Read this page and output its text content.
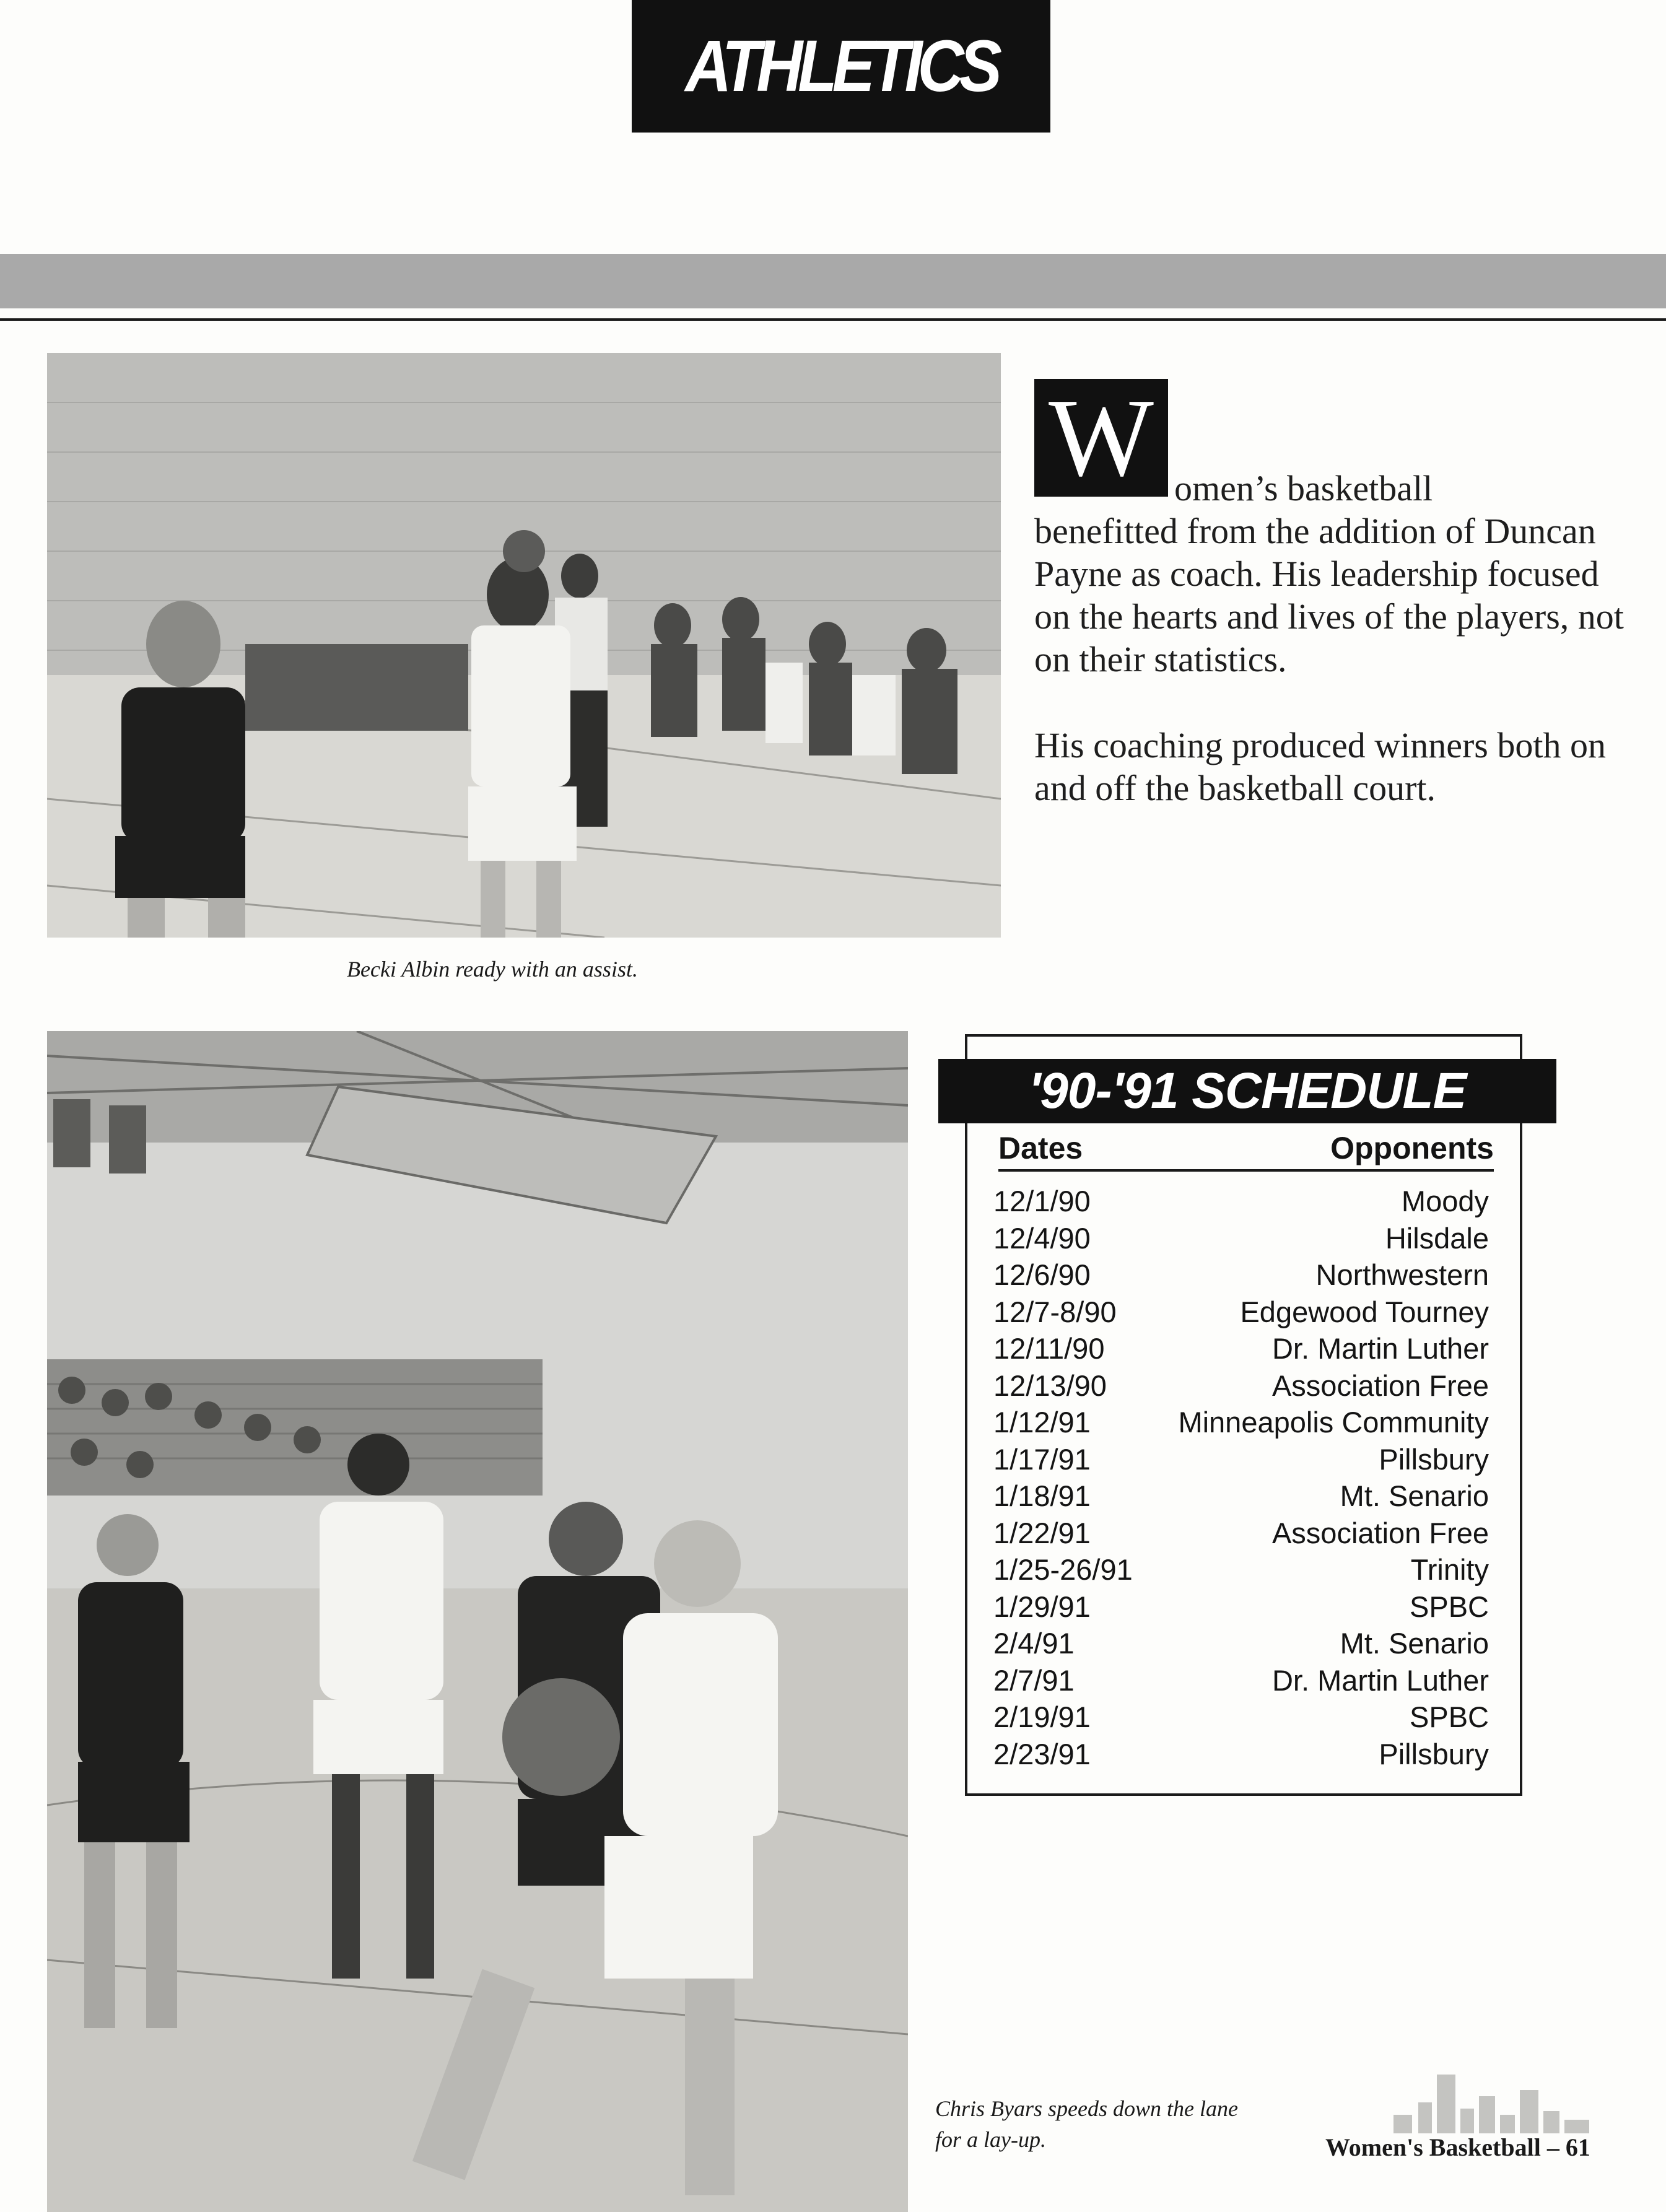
ATHLETICS
Becki Albin ready with an assist.
W omen’s basketball
benefitted from the addition of Duncan Payne as coach. His leadership focused on the hearts and lives of the players, not on their statistics.

His coaching produced winners both on and off the basketball court.

Chris Byars speeds down the lane for a lay-up.
'90-'91 SCHEDULE
Dates	Opponents
12/1/90	Moody
12/4/90	Hilsdale
12/6/90	Northwestern
12/7-8/90	Edgewood Tourney
12/11/90	Dr. Martin Luther
12/13/90	Association Free
1/12/91	Minneapolis Community
1/17/91	Pillsbury
1/18/91	Mt. Senario
1/22/91	Association Free
1/25-26/91	Trinity
1/29/91	SPBC
2/4/91	Mt. Senario
2/7/91	Dr. Martin Luther
2/19/91	SPBC
2/23/91	Pillsbury
Women's Basketball – 61
